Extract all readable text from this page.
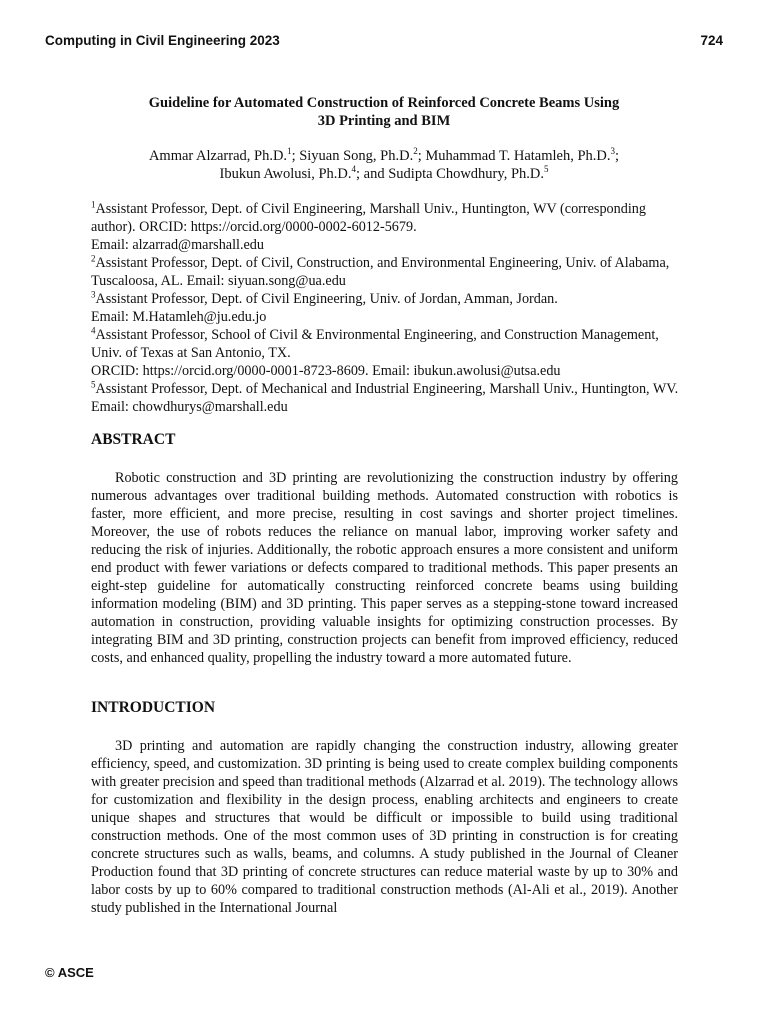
Computing in Civil Engineering 2023	724
Guideline for Automated Construction of Reinforced Concrete Beams Using
3D Printing and BIM
Ammar Alzarrad, Ph.D.$^1$; Siyuan Song, Ph.D.$^2$; Muhammad T. Hatamleh, Ph.D.$^3$;
Ibukun Awolusi, Ph.D.$^4$; and Sudipta Chowdhury, Ph.D.$^5$

$^1$Assistant Professor, Dept. of Civil Engineering, Marshall Univ., Huntington, WV (corresponding author). ORCID: https://orcid.org/0000-0002-6012-5679.
Email: alzarrad@marshall.edu

$^2$Assistant Professor, Dept. of Civil, Construction, and Environmental Engineering, Univ. of Alabama, Tuscaloosa, AL. Email: siyuan.song@ua.edu

$^3$Assistant Professor, Dept. of Civil Engineering, Univ. of Jordan, Amman, Jordan.
Email: M.Hatamleh@ju.edu.jo

$^4$Assistant Professor, School of Civil & Environmental Engineering, and Construction Management, Univ. of Texas at San Antonio, TX.
ORCID: https://orcid.org/0000-0001-8723-8609. Email: ibukun.awolusi@utsa.edu

$^5$Assistant Professor, Dept. of Mechanical and Industrial Engineering, Marshall Univ., Huntington, WV. Email: chowdhurys@marshall.edu

ABSTRACT

Robotic construction and 3D printing are revolutionizing the construction industry by offering numerous advantages over traditional building methods. Automated construction with robotics is faster, more efficient, and more precise, resulting in cost savings and shorter project timelines. Moreover, the use of robots reduces the reliance on manual labor, improving worker safety and reducing the risk of injuries. Additionally, the robotic approach ensures a more consistent and uniform end product with fewer variations or defects compared to traditional methods. This paper presents an eight-step guideline for automatically constructing reinforced concrete beams using building information modeling (BIM) and 3D printing. This paper serves as a stepping-stone toward increased automation in construction, providing valuable insights for optimizing construction processes. By integrating BIM and 3D printing, construction projects can benefit from improved efficiency, reduced costs, and enhanced quality, propelling the industry toward a more automated future.

INTRODUCTION

3D printing and automation are rapidly changing the construction industry, allowing greater efficiency, speed, and customization. 3D printing is being used to create complex building components with greater precision and speed than traditional methods (Alzarrad et al. 2019). The technology allows for customization and flexibility in the design process, enabling architects and engineers to create unique shapes and structures that would be difficult or impossible to build using traditional construction methods. One of the most common uses of 3D printing in construction is for creating concrete structures such as walls, beams, and columns. A study published in the Journal of Cleaner Production found that 3D printing of concrete structures can reduce material waste by up to 30% and labor costs by up to 60% compared to traditional construction methods (Al-Ali et al., 2019). Another study published in the International Journal

© ASCE
